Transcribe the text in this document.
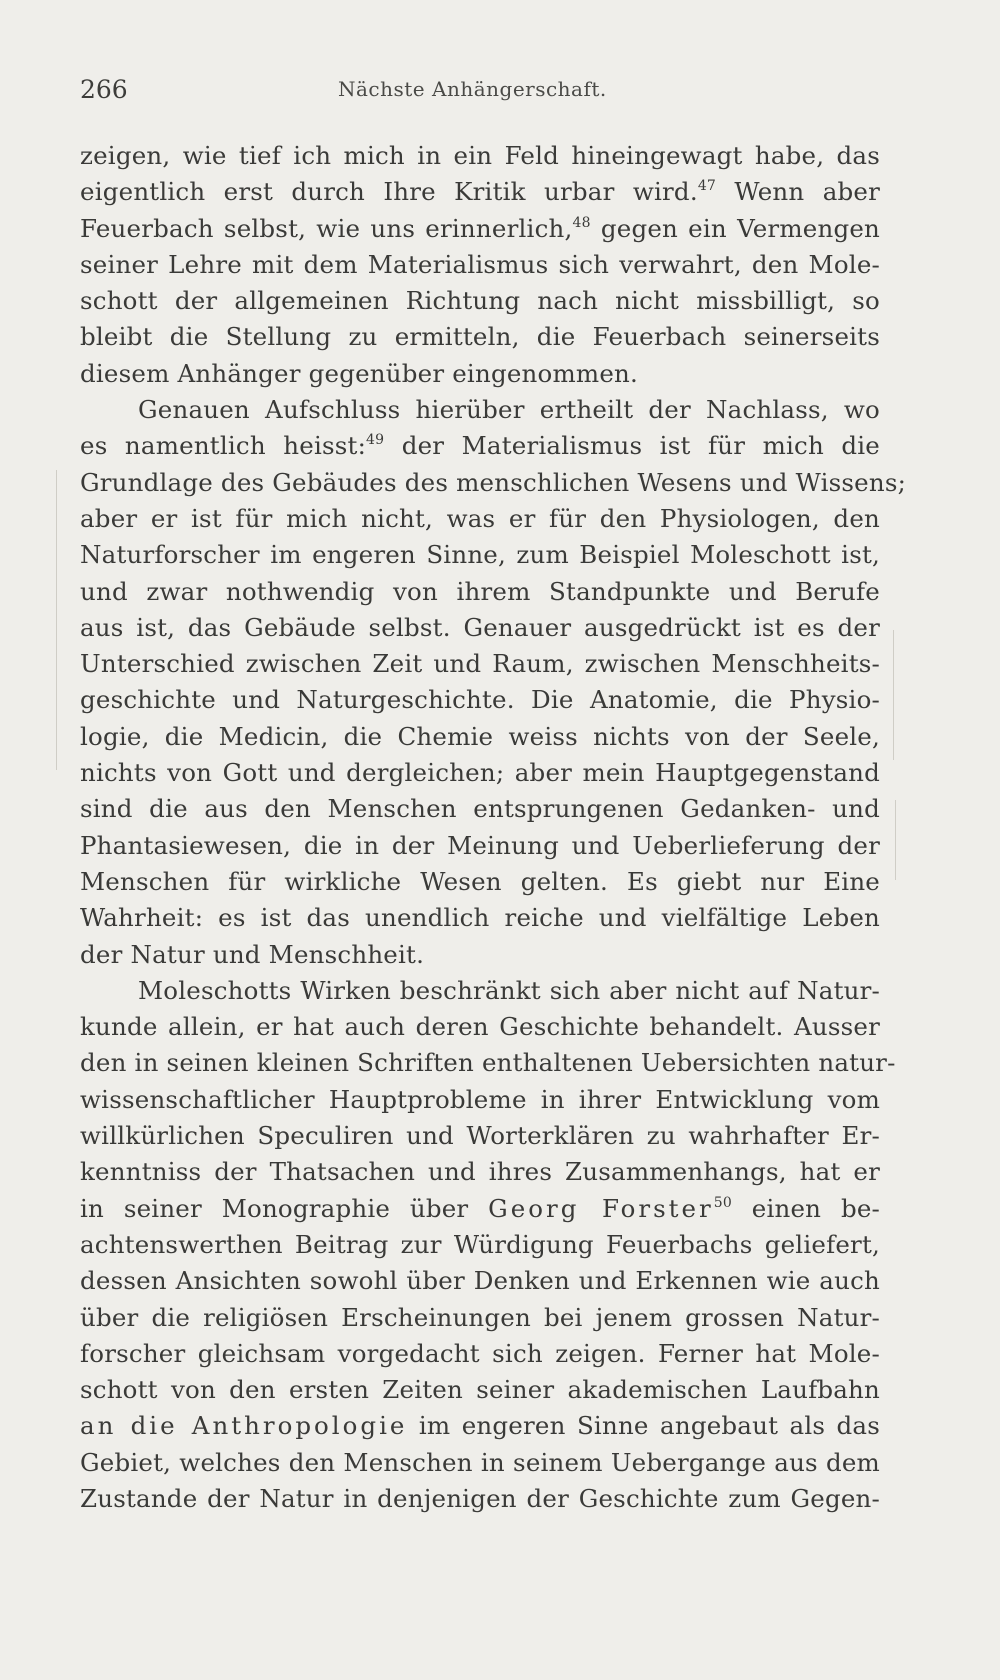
266	Nächste Anhängerschaft.
zeigen, wie tief ich mich in ein Feld hineingewagt habe, das
eigentlich erst durch Ihre Kritik urbar wird.$^{47}$ Wenn aber
Feuerbach selbst, wie uns erinnerlich,$^{48}$ gegen ein Vermengen
seiner Lehre mit dem Materialismus sich verwahrt, den Mole-
schott der allgemeinen Richtung nach nicht missbilligt, so
bleibt die Stellung zu ermitteln, die Feuerbach seinerseits
diesem Anhänger gegenüber eingenommen.
Genauen Aufschluss hierüber ertheilt der Nachlass, wo
es namentlich heisst:$^{49}$ der Materialismus ist für mich die
Grundlage des Gebäudes des menschlichen Wesens und Wissens;
aber er ist für mich nicht, was er für den Physiologen, den
Naturforscher im engeren Sinne, zum Beispiel Moleschott ist,
und zwar nothwendig von ihrem Standpunkte und Berufe
aus ist, das Gebäude selbst. Genauer ausgedrückt ist es der
Unterschied zwischen Zeit und Raum, zwischen Menschheits-
geschichte und Naturgeschichte. Die Anatomie, die Physio-
logie, die Medicin, die Chemie weiss nichts von der Seele,
nichts von Gott und dergleichen; aber mein Hauptgegenstand
sind die aus den Menschen entsprungenen Gedanken- und
Phantasiewesen, die in der Meinung und Ueberlieferung der
Menschen für wirkliche Wesen gelten. Es giebt nur Eine
Wahrheit: es ist das unendlich reiche und vielfältige Leben
der Natur und Menschheit.
Moleschotts Wirken beschränkt sich aber nicht auf Natur-
kunde allein, er hat auch deren Geschichte behandelt. Ausser
den in seinen kleinen Schriften enthaltenen Uebersichten natur-
wissenschaftlicher Hauptprobleme in ihrer Entwicklung vom
willkürlichen Speculiren und Worterklären zu wahrhafter Er-
kenntniss der Thatsachen und ihres Zusammenhangs, hat er
in seiner Monographie über Georg Forster$^{50}$ einen be-
achtenswerthen Beitrag zur Würdigung Feuerbachs geliefert,
dessen Ansichten sowohl über Denken und Erkennen wie auch
über die religiösen Erscheinungen bei jenem grossen Natur-
forscher gleichsam vorgedacht sich zeigen. Ferner hat Mole-
schott von den ersten Zeiten seiner akademischen Laufbahn
an die Anthropologie im engeren Sinne angebaut als das
Gebiet, welches den Menschen in seinem Uebergange aus dem
Zustande der Natur in denjenigen der Geschichte zum Gegen-
